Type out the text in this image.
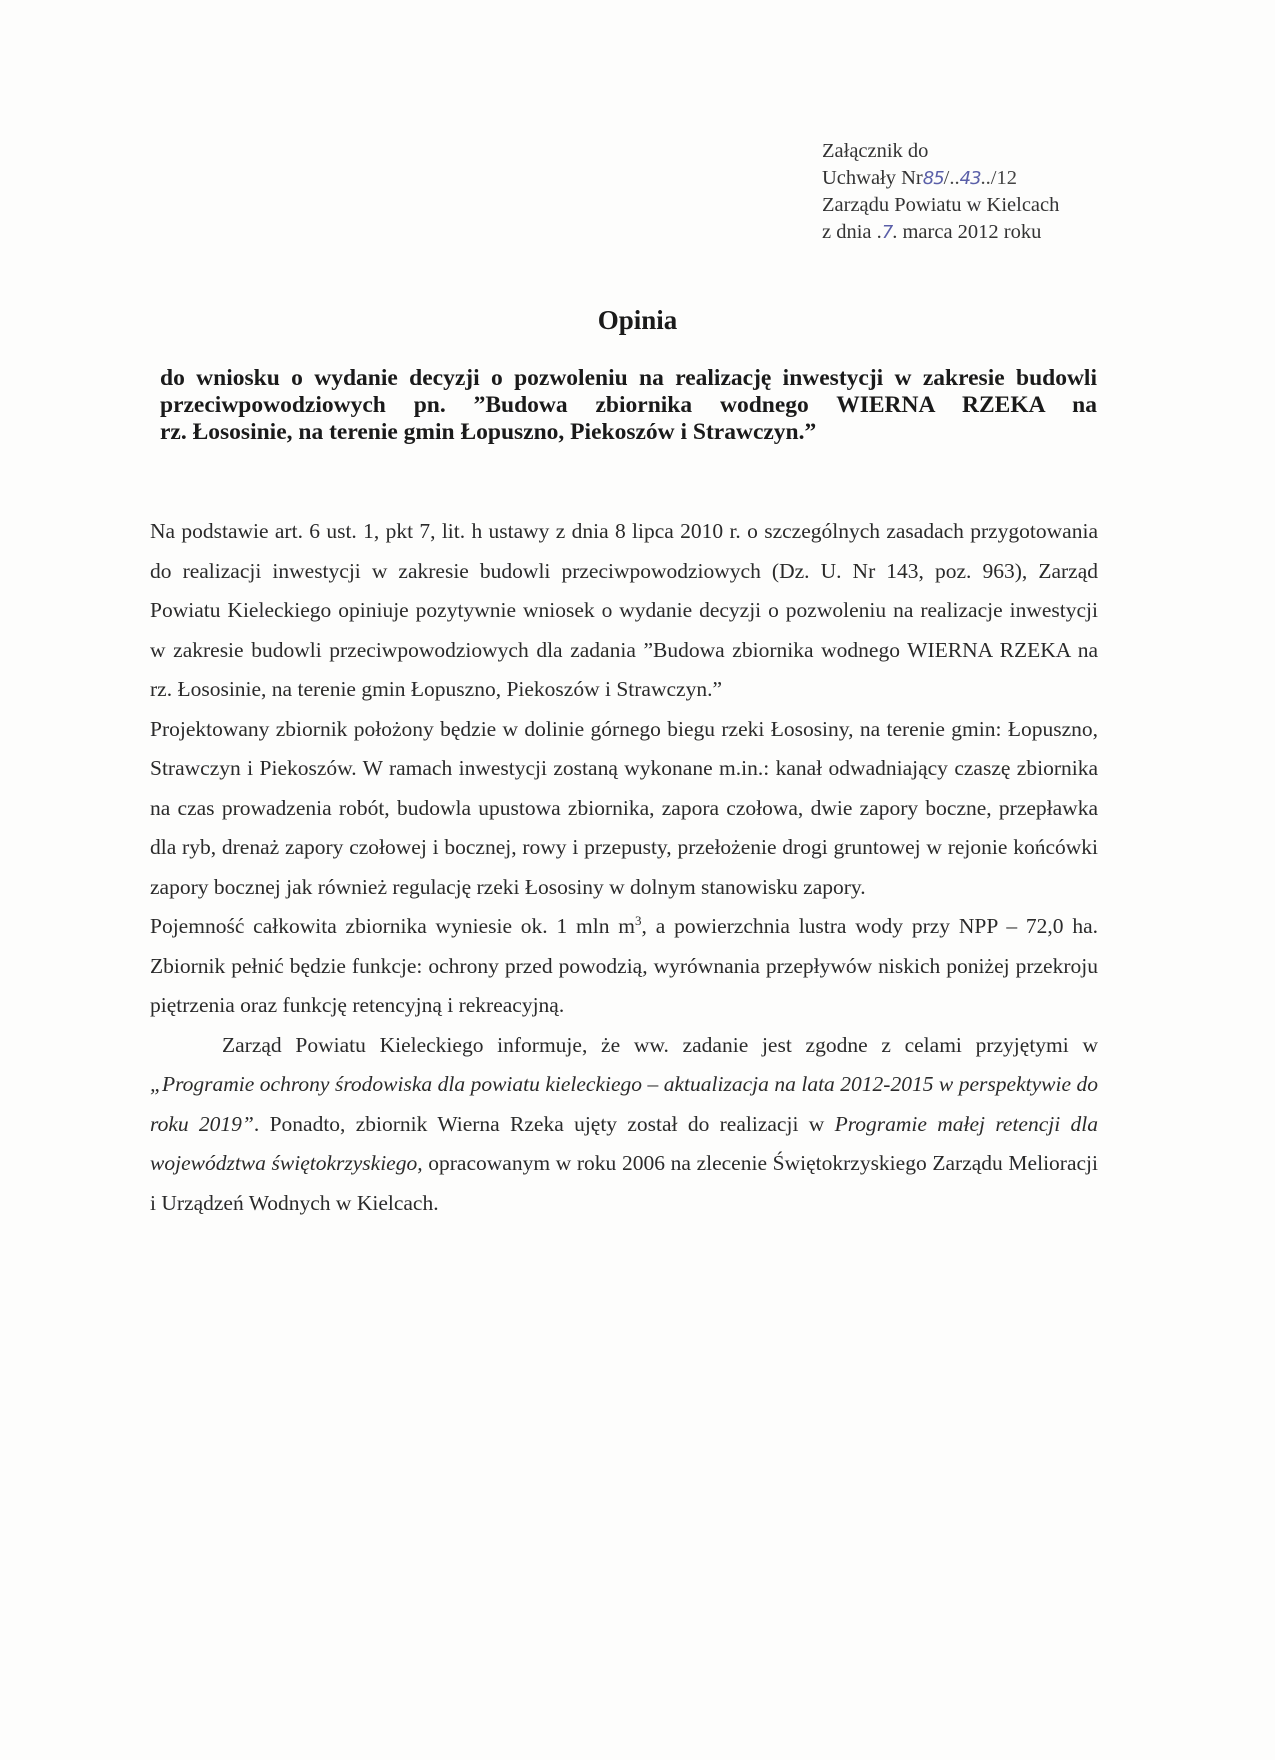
Załącznik do
Uchwały Nr85/..43../12
Zarządu Powiatu w Kielcach
z dnia .7. marca 2012 roku
Opinia
do wniosku o wydanie decyzji o pozwoleniu na realizację inwestycji w zakresie budowli
przeciwpowodziowych pn. ”Budowa zbiornika wodnego WIERNA RZEKA na
rz. Łososinie, na terenie gmin Łopuszno, Piekoszów i Strawczyn.”

Na podstawie art. 6 ust. 1, pkt 7, lit. h ustawy z dnia 8 lipca 2010 r. o szczególnych zasadach przygotowania do realizacji inwestycji w zakresie budowli przeciwpowodziowych (Dz. U. Nr 143, poz. 963), Zarząd Powiatu Kieleckiego opiniuje pozytywnie wniosek o wydanie decyzji o pozwoleniu na realizacje inwestycji w zakresie budowli przeciwpowodziowych dla zadania ”Budowa zbiornika wodnego WIERNA RZEKA na rz. Łososinie, na terenie gmin Łopuszno, Piekoszów i Strawczyn.”

Projektowany zbiornik położony będzie w dolinie górnego biegu rzeki Łososiny, na terenie gmin: Łopuszno, Strawczyn i Piekoszów. W ramach inwestycji zostaną wykonane m.in.: kanał odwadniający czaszę zbiornika na czas prowadzenia robót, budowla upustowa zbiornika, zapora czołowa, dwie zapory boczne, przepławka dla ryb, drenaż zapory czołowej i bocznej, rowy i przepusty, przełożenie drogi gruntowej w rejonie końcówki zapory bocznej jak również regulację rzeki Łososiny w dolnym stanowisku zapory.

Pojemność całkowita zbiornika wyniesie ok. 1 mln $m^3$, a powierzchnia lustra wody przy NPP – 72,0 ha. Zbiornik pełnić będzie funkcje: ochrony przed powodzią, wyrównania przepływów niskich poniżej przekroju piętrzenia oraz funkcję retencyjną i rekreacyjną.

Zarząd Powiatu Kieleckiego informuje, że ww. zadanie jest zgodne z celami przyjętymi w „Programie ochrony środowiska dla powiatu kieleckiego – aktualizacja na lata 2012-2015 w perspektywie do roku 2019”. Ponadto, zbiornik Wierna Rzeka ujęty został do realizacji w Programie małej retencji dla województwa świętokrzyskiego, opracowanym w roku 2006 na zlecenie Świętokrzyskiego Zarządu Melioracji i Urządzeń Wodnych w Kielcach.
